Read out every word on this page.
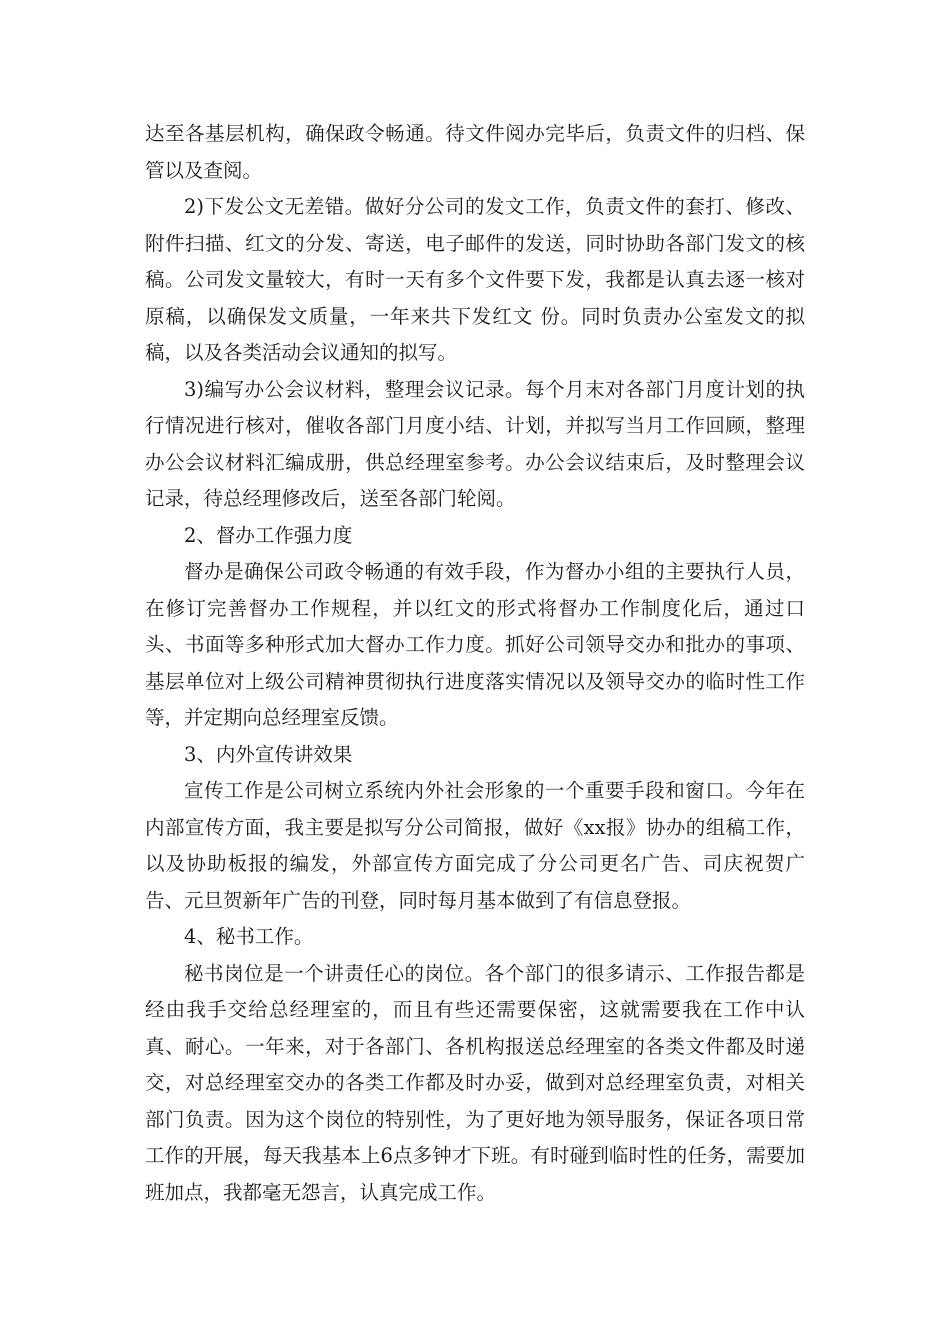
达至各基层机构，确保政令畅通。待文件阅办完毕后，负责文件的归档、保管以及查阅。

2)下发公文无差错。做好分公司的发文工作，负责文件的套打、修改、附件扫描、红文的分发、寄送，电子邮件的发送，同时协助各部门发文的核稿。公司发文量较大，有时一天有多个文件要下发，我都是认真去逐一核对原稿，以确保发文质量，一年来共下发红文 份。同时负责办公室发文的拟稿，以及各类活动会议通知的拟写。

3)编写办公会议材料，整理会议记录。每个月末对各部门月度计划的执行情况进行核对，催收各部门月度小结、计划，并拟写当月工作回顾，整理办公会议材料汇编成册，供总经理室参考。办公会议结束后，及时整理会议记录，待总经理修改后，送至各部门轮阅。

2、督办工作强力度

督办是确保公司政令畅通的有效手段，作为督办小组的主要执行人员，在修订完善督办工作规程，并以红文的形式将督办工作制度化后，通过口头、书面等多种形式加大督办工作力度。抓好公司领导交办和批办的事项、基层单位对上级公司精神贯彻执行进度落实情况以及领导交办的临时性工作等，并定期向总经理室反馈。

3、内外宣传讲效果

宣传工作是公司树立系统内外社会形象的一个重要手段和窗口。今年在内部宣传方面，我主要是拟写分公司简报，做好《xx报》协办的组稿工作，以及协助板报的编发，外部宣传方面完成了分公司更名广告、司庆祝贺广告、元旦贺新年广告的刊登，同时每月基本做到了有信息登报。

4、秘书工作。

秘书岗位是一个讲责任心的岗位。各个部门的很多请示、工作报告都是经由我手交给总经理室的，而且有些还需要保密，这就需要我在工作中认真、耐心。一年来，对于各部门、各机构报送总经理室的各类文件都及时递交，对总经理室交办的各类工作都及时办妥，做到对总经理室负责，对相关部门负责。因为这个岗位的特别性，为了更好地为领导服务，保证各项日常工作的开展，每天我基本上6点多钟才下班。有时碰到临时性的任务，需要加班加点，我都毫无怨言，认真完成工作。
